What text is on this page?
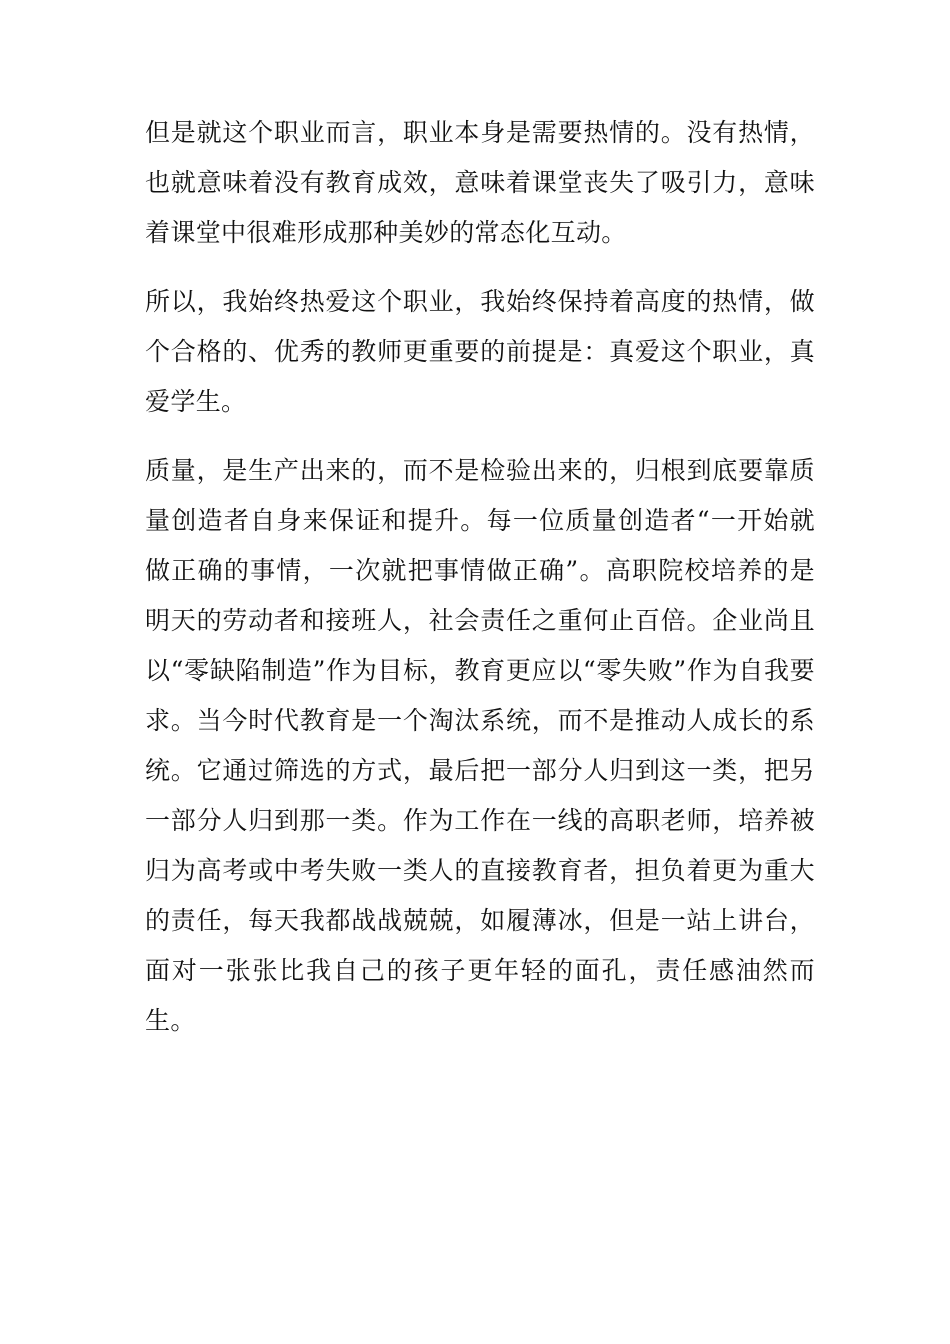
但是就这个职业而言，职业本身是需要热情的。没有热情，也就意味着没有教育成效，意味着课堂丧失了吸引力，意味着课堂中很难形成那种美妙的常态化互动。

所以，我始终热爱这个职业，我始终保持着高度的热情，做个合格的、优秀的教师更重要的前提是：真爱这个职业，真爱学生。

质量，是生产出来的，而不是检验出来的，归根到底要靠质量创造者自身来保证和提升。每一位质量创造者“一开始就做正确的事情，一次就把事情做正确”。高职院校培养的是明天的劳动者和接班人，社会责任之重何止百倍。企业尚且以“零缺陷制造”作为目标，教育更应以“零失败”作为自我要求。当今时代教育是一个淘汰系统，而不是推动人成长的系统。它通过筛选的方式，最后把一部分人归到这一类，把另一部分人归到那一类。作为工作在一线的高职老师，培养被归为高考或中考失败一类人的直接教育者，担负着更为重大的责任，每天我都战战兢兢，如履薄冰，但是一站上讲台，面对一张张比我自己的孩子更年轻的面孔，责任感油然而生。
